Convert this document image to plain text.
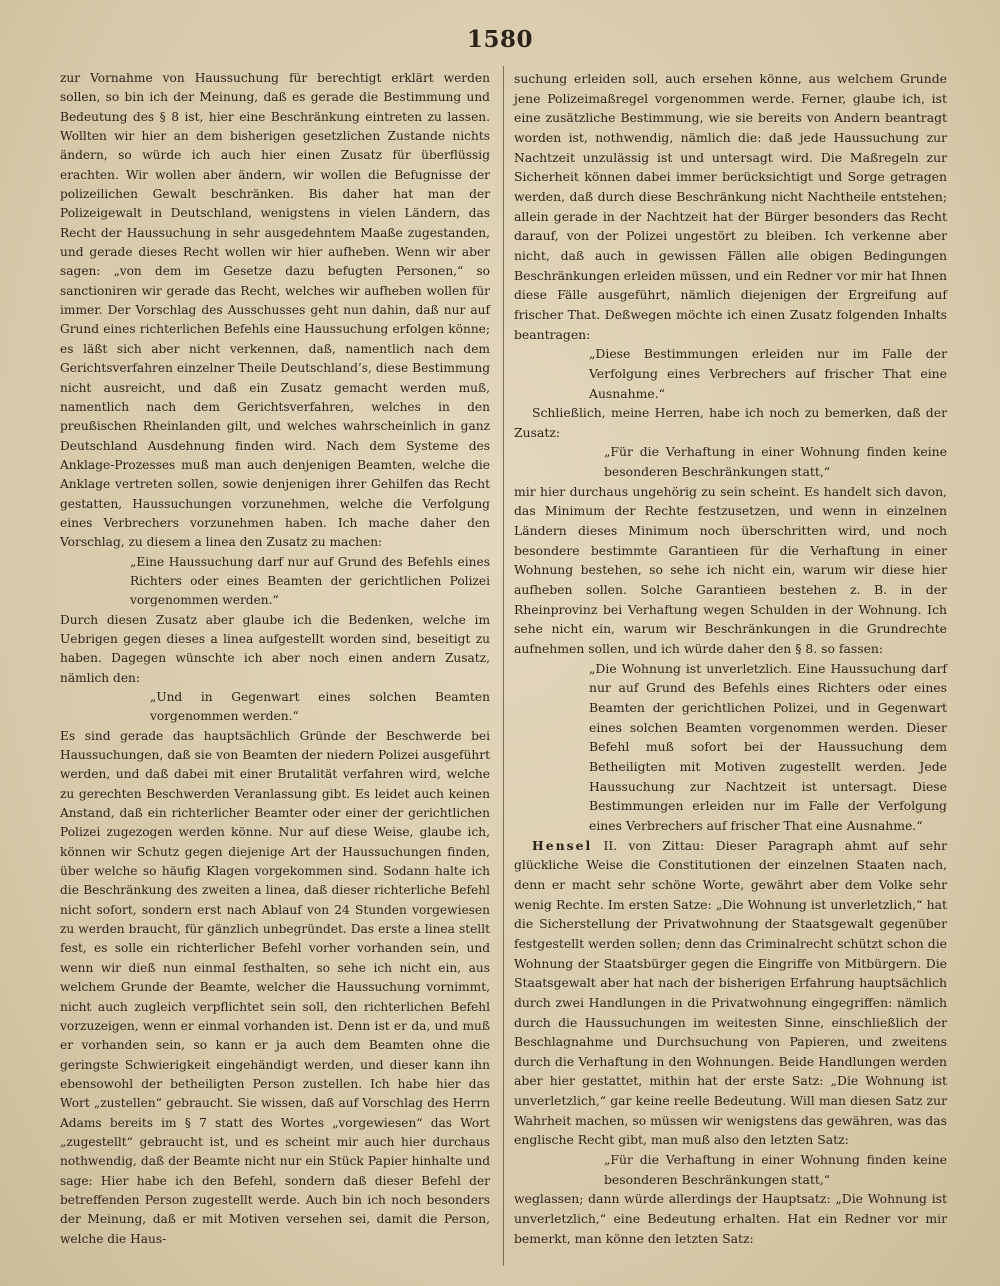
1580

zur Vornahme von Haussuchung für berechtigt erklärt werden sollen, so bin ich der Meinung, daß es gerade die Bestimmung und Bedeutung des § 8 ist, hier eine Beschränkung eintreten zu lassen. Wollten wir hier an dem bisherigen gesetzlichen Zustande nichts ändern, so würde ich auch hier einen Zusatz für überflüssig erachten. Wir wollen aber ändern, wir wollen die Befugnisse der polizeilichen Gewalt beschränken. Bis daher hat man der Polizeigewalt in Deutschland, wenigstens in vielen Ländern, das Recht der Haussuchung in sehr ausgedehntem Maaße zugestanden, und gerade dieses Recht wollen wir hier aufheben. Wenn wir aber sagen: „von dem im Gesetze dazu befugten Personen,“ so sanctioniren wir gerade das Recht, welches wir aufheben wollen für immer. Der Vorschlag des Ausschusses geht nun dahin, daß nur auf Grund eines richterlichen Befehls eine Haussuchung erfolgen könne; es läßt sich aber nicht verkennen, daß, namentlich nach dem Gerichtsverfahren einzelner Theile Deutschland’s, diese Bestimmung nicht ausreicht, und daß ein Zusatz gemacht werden muß, namentlich nach dem Gerichtsverfahren, welches in den preußischen Rheinlanden gilt, und welches wahrscheinlich in ganz Deutschland Ausdehnung finden wird. Nach dem Systeme des Anklage-Prozesses muß man auch denjenigen Beamten, welche die Anklage vertreten sollen, sowie denjenigen ihrer Gehilfen das Recht gestatten, Haussuchungen vorzunehmen, welche die Verfolgung eines Verbrechers vorzunehmen haben. Ich mache daher den Vorschlag, zu diesem a linea den Zusatz zu machen:

„Eine Haussuchung darf nur auf Grund des Befehls eines Richters oder eines Beamten der gerichtlichen Polizei vorgenommen werden.“

Durch diesen Zusatz aber glaube ich die Bedenken, welche im Uebrigen gegen dieses a linea aufgestellt worden sind, beseitigt zu haben. Dagegen wünschte ich aber noch einen andern Zusatz, nämlich den:

„Und in Gegenwart eines solchen Beamten vorgenommen werden.“

Es sind gerade das hauptsächlich Gründe der Beschwerde bei Haussuchungen, daß sie von Beamten der niedern Polizei ausgeführt werden, und daß dabei mit einer Brutalität verfahren wird, welche zu gerechten Beschwerden Veranlassung gibt. Es leidet auch keinen Anstand, daß ein richterlicher Beamter oder einer der gerichtlichen Polizei zugezogen werden könne. Nur auf diese Weise, glaube ich, können wir Schutz gegen diejenige Art der Haussuchungen finden, über welche so häufig Klagen vorgekommen sind. Sodann halte ich die Beschränkung des zweiten a linea, daß dieser richterliche Befehl nicht sofort, sondern erst nach Ablauf von 24 Stunden vorgewiesen zu werden braucht, für gänzlich unbegründet. Das erste a linea stellt fest, es solle ein richterlicher Befehl vorher vorhanden sein, und wenn wir dieß nun einmal festhalten, so sehe ich nicht ein, aus welchem Grunde der Beamte, welcher die Haussuchung vornimmt, nicht auch zugleich verpflichtet sein soll, den richterlichen Befehl vorzuzeigen, wenn er einmal vorhanden ist. Denn ist er da, und muß er vorhanden sein, so kann er ja auch dem Beamten ohne die geringste Schwierigkeit eingehändigt werden, und dieser kann ihn ebensowohl der betheiligten Person zustellen. Ich habe hier das Wort „zustellen“ gebraucht. Sie wissen, daß auf Vorschlag des Herrn Adams bereits im § 7 statt des Wortes „vorgewiesen“ das Wort „zugestellt“ gebraucht ist, und es scheint mir auch hier durchaus nothwendig, daß der Beamte nicht nur ein Stück Papier hinhalte und sage: Hier habe ich den Befehl, sondern daß dieser Befehl der betreffenden Person zugestellt werde. Auch bin ich noch besonders der Meinung, daß er mit Motiven versehen sei, damit die Person, welche die Haus-

suchung erleiden soll, auch ersehen könne, aus welchem Grunde jene Polizeimaßregel vorgenommen werde. Ferner, glaube ich, ist eine zusätzliche Bestimmung, wie sie bereits von Andern beantragt worden ist, nothwendig, nämlich die: daß jede Haussuchung zur Nachtzeit unzulässig ist und untersagt wird. Die Maßregeln zur Sicherheit können dabei immer berücksichtigt und Sorge getragen werden, daß durch diese Beschränkung nicht Nachtheile entstehen; allein gerade in der Nachtzeit hat der Bürger besonders das Recht darauf, von der Polizei ungestört zu bleiben. Ich verkenne aber nicht, daß auch in gewissen Fällen alle obigen Bedingungen Beschränkungen erleiden müssen, und ein Redner vor mir hat Ihnen diese Fälle ausgeführt, nämlich diejenigen der Ergreifung auf frischer That. Deßwegen möchte ich einen Zusatz folgenden Inhalts beantragen:

„Diese Bestimmungen erleiden nur im Falle der Verfolgung eines Verbrechers auf frischer That eine Ausnahme.“

Schließlich, meine Herren, habe ich noch zu bemerken, daß der Zusatz:

„Für die Verhaftung in einer Wohnung finden keine besonderen Beschränkungen statt,“

mir hier durchaus ungehörig zu sein scheint. Es handelt sich davon, das Minimum der Rechte festzusetzen, und wenn in einzelnen Ländern dieses Minimum noch überschritten wird, und noch besondere bestimmte Garantieen für die Verhaftung in einer Wohnung bestehen, so sehe ich nicht ein, warum wir diese hier aufheben sollen. Solche Garantieen bestehen z. B. in der Rheinprovinz bei Verhaftung wegen Schulden in der Wohnung. Ich sehe nicht ein, warum wir Beschränkungen in die Grundrechte aufnehmen sollen, und ich würde daher den § 8. so fassen:

„Die Wohnung ist unverletzlich. Eine Haussuchung darf nur auf Grund des Befehls eines Richters oder eines Beamten der gerichtlichen Polizei, und in Gegenwart eines solchen Beamten vorgenommen werden. Dieser Befehl muß sofort bei der Haussuchung dem Betheiligten mit Motiven zugestellt werden. Jede Haussuchung zur Nachtzeit ist untersagt. Diese Bestimmungen erleiden nur im Falle der Verfolgung eines Verbrechers auf frischer That eine Ausnahme.“

Hensel II. von Zittau: Dieser Paragraph ahmt auf sehr glückliche Weise die Constitutionen der einzelnen Staaten nach, denn er macht sehr schöne Worte, gewährt aber dem Volke sehr wenig Rechte. Im ersten Satze: „Die Wohnung ist unverletzlich,“ hat die Sicherstellung der Privatwohnung der Staatsgewalt gegenüber festgestellt werden sollen; denn das Criminalrecht schützt schon die Wohnung der Staatsbürger gegen die Eingriffe von Mitbürgern. Die Staatsgewalt aber hat nach der bisherigen Erfahrung hauptsächlich durch zwei Handlungen in die Privatwohnung eingegriffen: nämlich durch die Haussuchungen im weitesten Sinne, einschließlich der Beschlagnahme und Durchsuchung von Papieren, und zweitens durch die Verhaftung in den Wohnungen. Beide Handlungen werden aber hier gestattet, mithin hat der erste Satz: „Die Wohnung ist unverletzlich,“ gar keine reelle Bedeutung. Will man diesen Satz zur Wahrheit machen, so müssen wir wenigstens das gewähren, was das englische Recht gibt, man muß also den letzten Satz:

„Für die Verhaftung in einer Wohnung finden keine besonderen Beschränkungen statt,“

weglassen; dann würde allerdings der Hauptsatz: „Die Wohnung ist unverletzlich,“ eine Bedeutung erhalten. Hat ein Redner vor mir bemerkt, man könne den letzten Satz:
